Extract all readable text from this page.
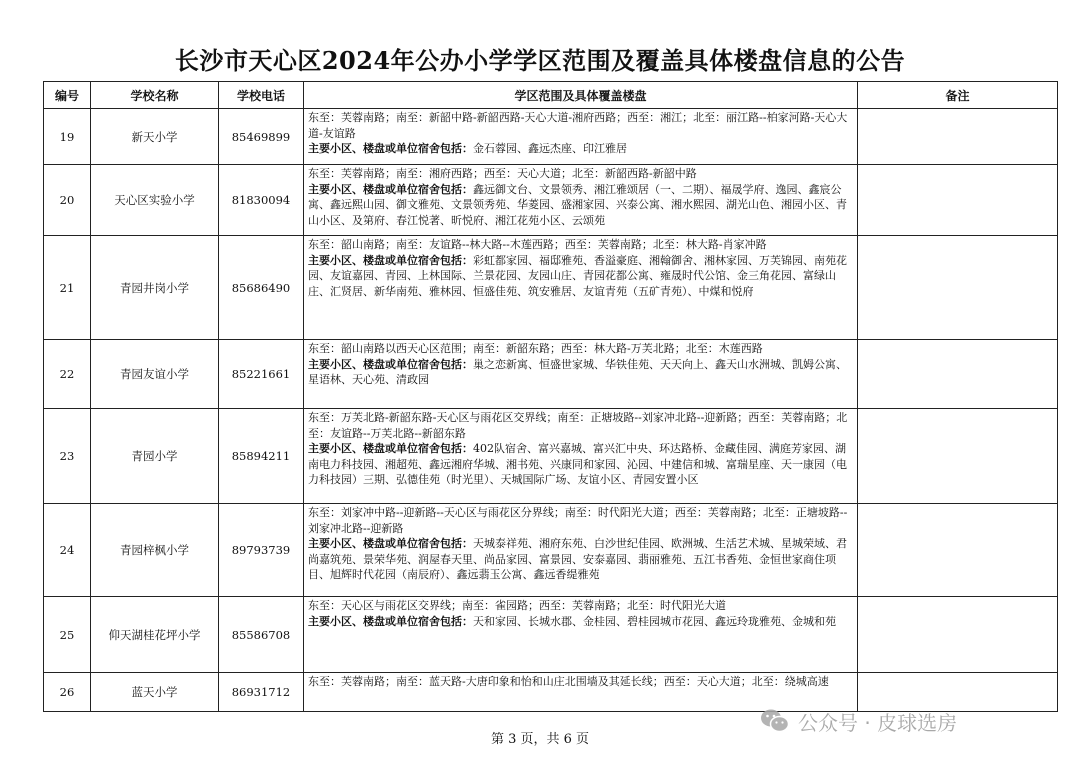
长沙市天心区2024年公办小学学区范围及覆盖具体楼盘信息的公告
编号	学校名称	学校电话	学区范围及具体覆盖楼盘	备注
19	新天小学	85469899	东至：芙蓉南路；南至：新韶中路-新韶西路-天心大道-湘府西路；西至：湘江；北至：丽江路--柏家河路-天心大道-友谊路
主要小区、楼盘或单位宿舍包括：金石蓉园、鑫远杰座、印江雅居	
20	天心区实验小学	81830094	东至：芙蓉南路；南至：湘府西路；西至：天心大道；北至：新韶西路-新韶中路
主要小区、楼盘或单位宿舍包括：鑫远御文台、文景领秀、湘江雅颂居（一、二期）、福晟学府、逸园、鑫宸公寓、鑫远熙山园、御文雅苑、文景领秀苑、华菱园、盛湘家园、兴泰公寓、湘水熙园、湖光山色、湘园小区、青山小区、及第府、春江悦著、昕悦府、湘江花苑小区、云颂苑	
21	青园井岗小学	85686490	东至：韶山南路；南至：友谊路--林大路--木莲西路；西至：芙蓉南路；北至：林大路-肖家冲路
主要小区、楼盘或单位宿舍包括：彩虹都家园、福邸雅苑、香溢豪庭、湘翰御舍、湘林家园、万芙锦园、南苑花园、友谊嘉园、青园、上林国际、兰景花园、友园山庄、青园花都公寓、雍晟时代公馆、金三角花园、富绿山庄、汇贤居、新华南苑、雅林园、恒盛佳苑、筑安雅居、友谊青苑（五矿青苑）、中煤和悦府	
22	青园友谊小学	85221661	东至：韶山南路以西天心区范围；南至：新韶东路；西至：林大路-万芙北路；北至：木莲西路
主要小区、楼盘或单位宿舍包括：巢之恋新寓、恒盛世家城、华铁佳苑、天天向上、鑫天山水洲城、凯姆公寓、星语林、天心苑、清政园	
23	青园小学	85894211	东至：万芙北路-新韶东路-天心区与雨花区交界线；南至：正塘坡路--刘家冲北路--迎新路；西至：芙蓉南路；北至：友谊路--万芙北路--新韶东路
主要小区、楼盘或单位宿舍包括：402队宿舍、富兴嘉城、富兴汇中央、环达路桥、金藏佳园、满庭芳家园、湖南电力科技园、湘超苑、鑫远湘府华城、湘书苑、兴康同和家园、沁园、中建信和城、富瑞星座、天一康园（电力科技园）三期、弘德佳苑（时光里）、天城国际广场、友谊小区、青园安置小区	
24	青园梓枫小学	89793739	东至：刘家冲中路--迎新路--天心区与雨花区分界线；南至：时代阳光大道；西至：芙蓉南路；北至：正塘坡路--刘家冲北路--迎新路
主要小区、楼盘或单位宿舍包括：天城泰祥苑、湘府东苑、白沙世纪佳园、欧洲城、生活艺术城、星城荣域、君尚嘉筑苑、景荣华苑、润屋春天里、尚品家园、富景园、安泰嘉园、翡丽雅苑、五江书香苑、金恒世家商住项目、旭辉时代花园（南辰府）、鑫远翡玉公寓、鑫远香缇雅苑	
25	仰天湖桂花坪小学	85586708	东至：天心区与雨花区交界线；南至：雀园路；西至：芙蓉南路；北至：时代阳光大道
主要小区、楼盘或单位宿舍包括：天和家园、长城水郡、金桂园、碧桂园城市花园、鑫远玲珑雅苑、金城和苑	
26	蓝天小学	86931712	东至：芙蓉南路；南至：蓝天路-大唐印象和怡和山庄北围墙及其延长线；西至：天心大道；北至：绕城高速	
第 3 页，共 6 页
公众号 · 皮球选房
